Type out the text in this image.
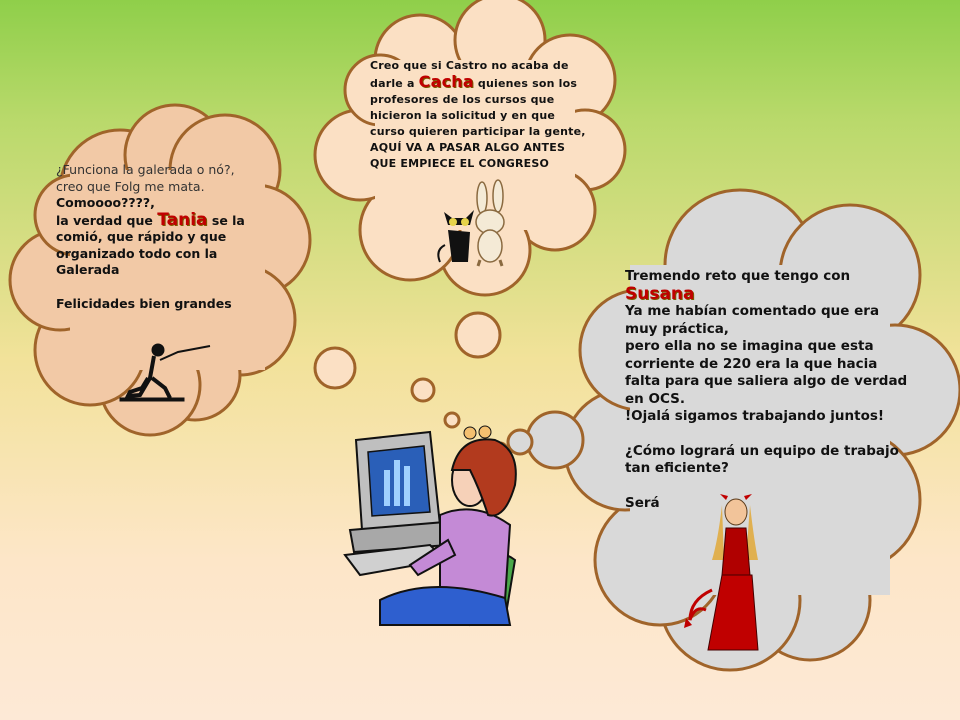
¿Funciona la galerada o nó?, creo que Folg me mata.
Comoooo????,
la verdad que Tania se la comió, que rápido y que organizado todo con la Galerada
Felicidades bien grandes
Creo que si Castro no acaba de darle a Cacha quienes son los profesores de los cursos que hicieron la solicitud y en que curso quieren participar la gente, AQUÍ VA A PASAR ALGO ANTES QUE EMPIECE EL CONGRESO
Tremendo reto que tengo con
Susana
Ya me habían comentado que era muy práctica,
pero ella no se imagina que esta corriente de 220 era la que hacia falta para que saliera algo de verdad en OCS.
!Ojalá sigamos trabajando juntos!
¿Cómo logrará un equipo de trabajo tan eficiente?
Será
